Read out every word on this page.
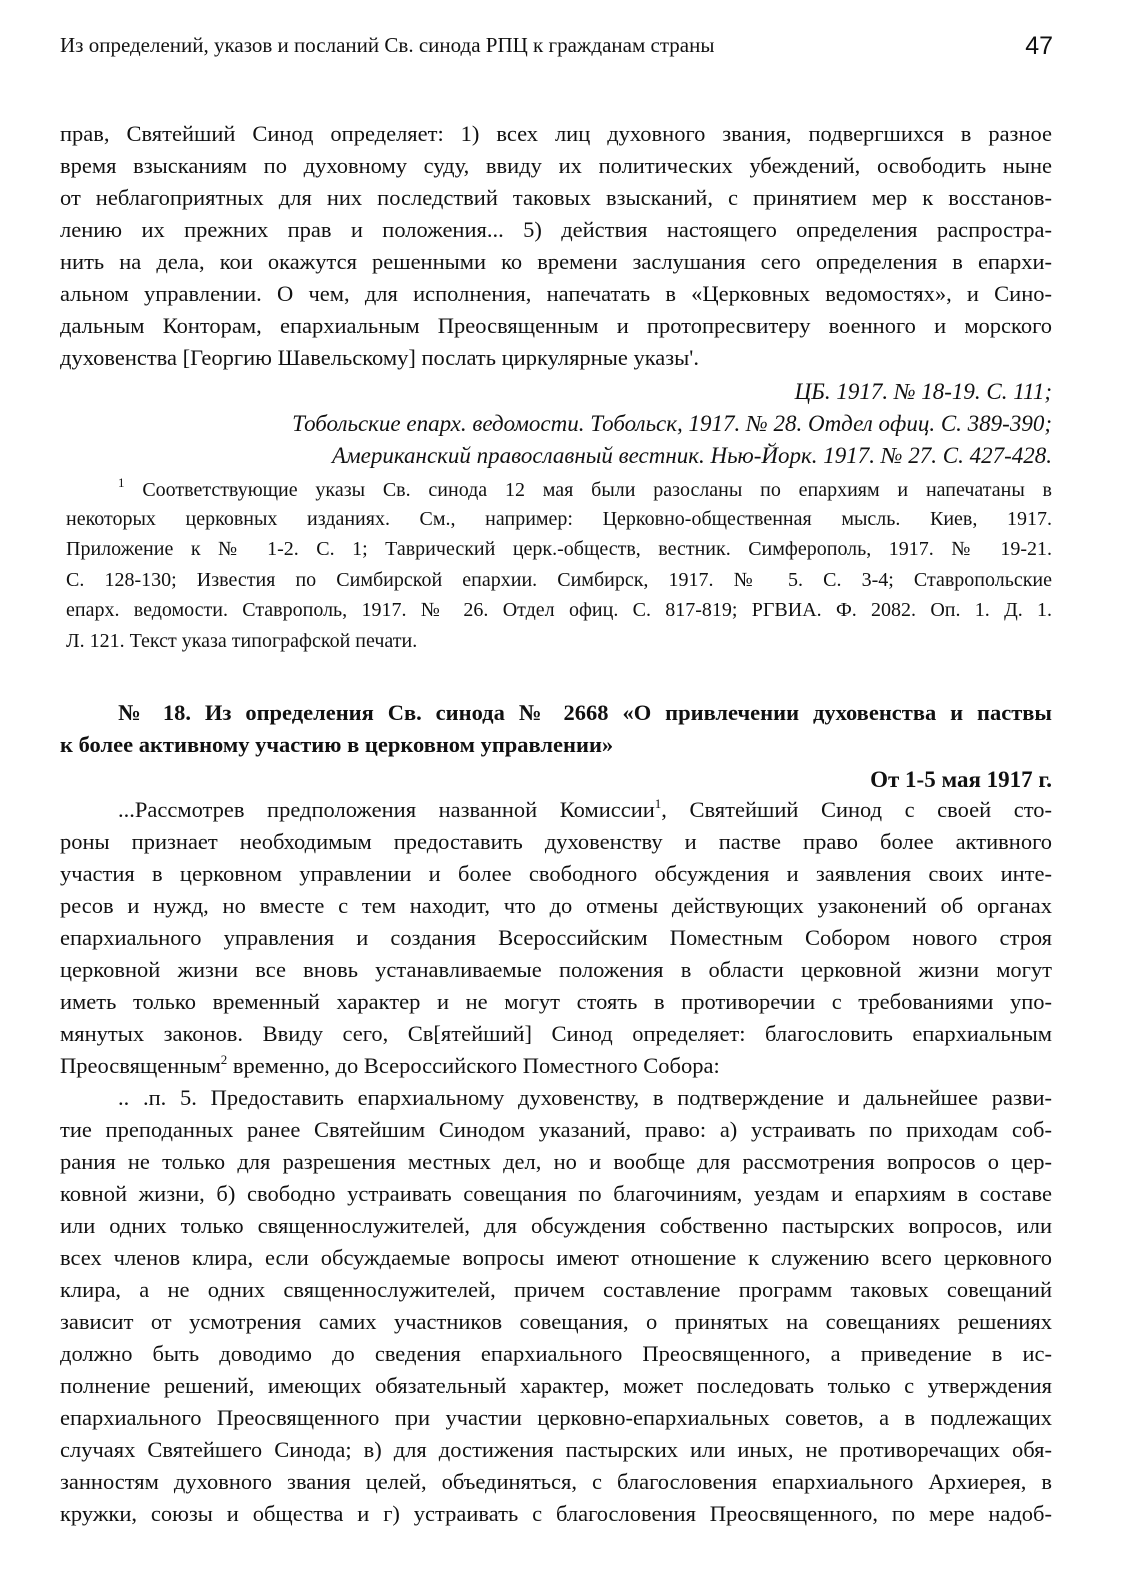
Из определений, указов и посланий Св. синода РПЦ к гражданам страны	47
прав, Святейший Синод определяет: 1) всех лиц духовного звания, подвергшихся в разное
время взысканиям по духовному суду, ввиду их политических убеждений, освободить ныне
от неблагоприятных для них последствий таковых взысканий, с принятием мер к восстанов-
лению их прежних прав и положения... 5) действия настоящего определения распростра-
нить на дела, кои окажутся решенными ко времени заслушания сего определения в епархи-
альном управлении. О чем, для исполнения, напечатать в «Церковных ведомостях», и Сино-
дальным Конторам, епархиальным Преосвященным и протопресвитеру военного и морского
духовенства [Георгию Шавельскому] послать циркулярные указы'.
ЦБ. 1917. № 18-19. С. 111;
Тобольские епарх. ведомости. Тобольск, 1917. № 28. Отдел офиц. С. 389-390;
Американский православный вестник. Нью-Йорк. 1917. № 27. С. 427-428.
$^1$ Соответствующие указы Св. синода 12 мая были разосланы по епархиям и напечатаны в
некоторых церковных изданиях. См., например: Церковно-общественная мысль. Киев, 1917.
Приложение к № 1-2. С. 1; Таврический церк.-обществ, вестник. Симферополь, 1917. № 19-21.
С. 128-130; Известия по Симбирской епархии. Симбирск, 1917. № 5. С. 3-4; Ставропольские
епарх. ведомости. Ставрополь, 1917. № 26. Отдел офиц. С. 817-819; РГВИА. Ф. 2082. Оп. 1. Д. 1.
Л. 121. Текст указа типографской печати.
№ 18. Из определения Св. синода № 2668 «О привлечении духовенства и паствы
к более активному участию в церковном управлении»
От 1-5 мая 1917 г.
...Рассмотрев предположения названной Комиссии$^1$, Святейший Синод с своей сто-
роны признает необходимым предоставить духовенству и пастве право более активного
участия в церковном управлении и более свободного обсуждения и заявления своих инте-
ресов и нужд, но вместе с тем находит, что до отмены действующих узаконений об органах
епархиального управления и создания Всероссийским Поместным Собором нового строя
церковной жизни все вновь устанавливаемые положения в области церковной жизни могут
иметь только временный характер и не могут стоять в противоречии с требованиями упо-
мянутых законов. Ввиду сего, Св[ятейший] Синод определяет: благословить епархиальным
Преосвященным$^2$ временно, до Всероссийского Поместного Собора:
.. .п. 5. Предоставить епархиальному духовенству, в подтверждение и дальнейшее разви-
тие преподанных ранее Святейшим Синодом указаний, право: а) устраивать по приходам соб-
рания не только для разрешения местных дел, но и вообще для рассмотрения вопросов о цер-
ковной жизни, б) свободно устраивать совещания по благочиниям, уездам и епархиям в составе
или одних только священнослужителей, для обсуждения собственно пастырских вопросов, или
всех членов клира, если обсуждаемые вопросы имеют отношение к служению всего церковного
клира, а не одних священнослужителей, причем составление программ таковых совещаний
зависит от усмотрения самих участников совещания, о принятых на совещаниях решениях
должно быть доводимо до сведения епархиального Преосвященного, а приведение в ис-
полнение решений, имеющих обязательный характер, может последовать только с утверждения
епархиального Преосвященного при участии церковно-епархиальных советов, а в подлежащих
случаях Святейшего Синода; в) для достижения пастырских или иных, не противоречащих обя-
занностям духовного звания целей, объединяться, с благословения епархиального Архиерея, в
кружки, союзы и общества и г) устраивать с благословения Преосвященного, по мере надоб-
